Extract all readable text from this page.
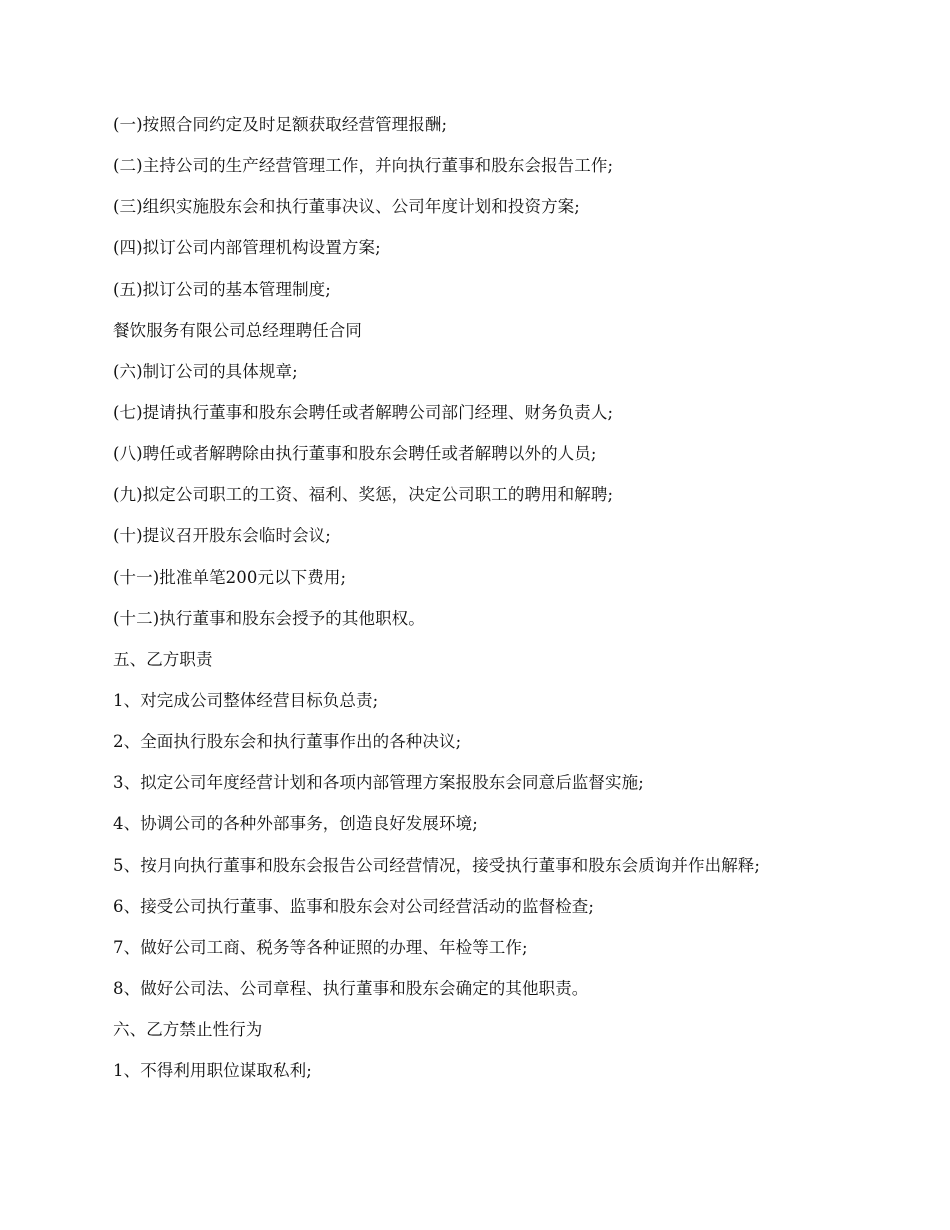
(一)按照合同约定及时足额获取经营管理报酬;
(二)主持公司的生产经营管理工作，并向执行董事和股东会报告工作;
(三)组织实施股东会和执行董事决议、公司年度计划和投资方案;
(四)拟订公司内部管理机构设置方案;
(五)拟订公司的基本管理制度;
餐饮服务有限公司总经理聘任合同
(六)制订公司的具体规章;
(七)提请执行董事和股东会聘任或者解聘公司部门经理、财务负责人;
(八)聘任或者解聘除由执行董事和股东会聘任或者解聘以外的人员;
(九)拟定公司职工的工资、福利、奖惩，决定公司职工的聘用和解聘;
(十)提议召开股东会临时会议;
(十一)批准单笔200元以下费用;
(十二)执行董事和股东会授予的其他职权。
五、乙方职责
1、对完成公司整体经营目标负总责;
2、全面执行股东会和执行董事作出的各种决议;
3、拟定公司年度经营计划和各项内部管理方案报股东会同意后监督实施;
4、协调公司的各种外部事务，创造良好发展环境;
5、按月向执行董事和股东会报告公司经营情况，接受执行董事和股东会质询并作出解释;
6、接受公司执行董事、监事和股东会对公司经营活动的监督检查;
7、做好公司工商、税务等各种证照的办理、年检等工作;
8、做好公司法、公司章程、执行董事和股东会确定的其他职责。
六、乙方禁止性行为
1、不得利用职位谋取私利;
